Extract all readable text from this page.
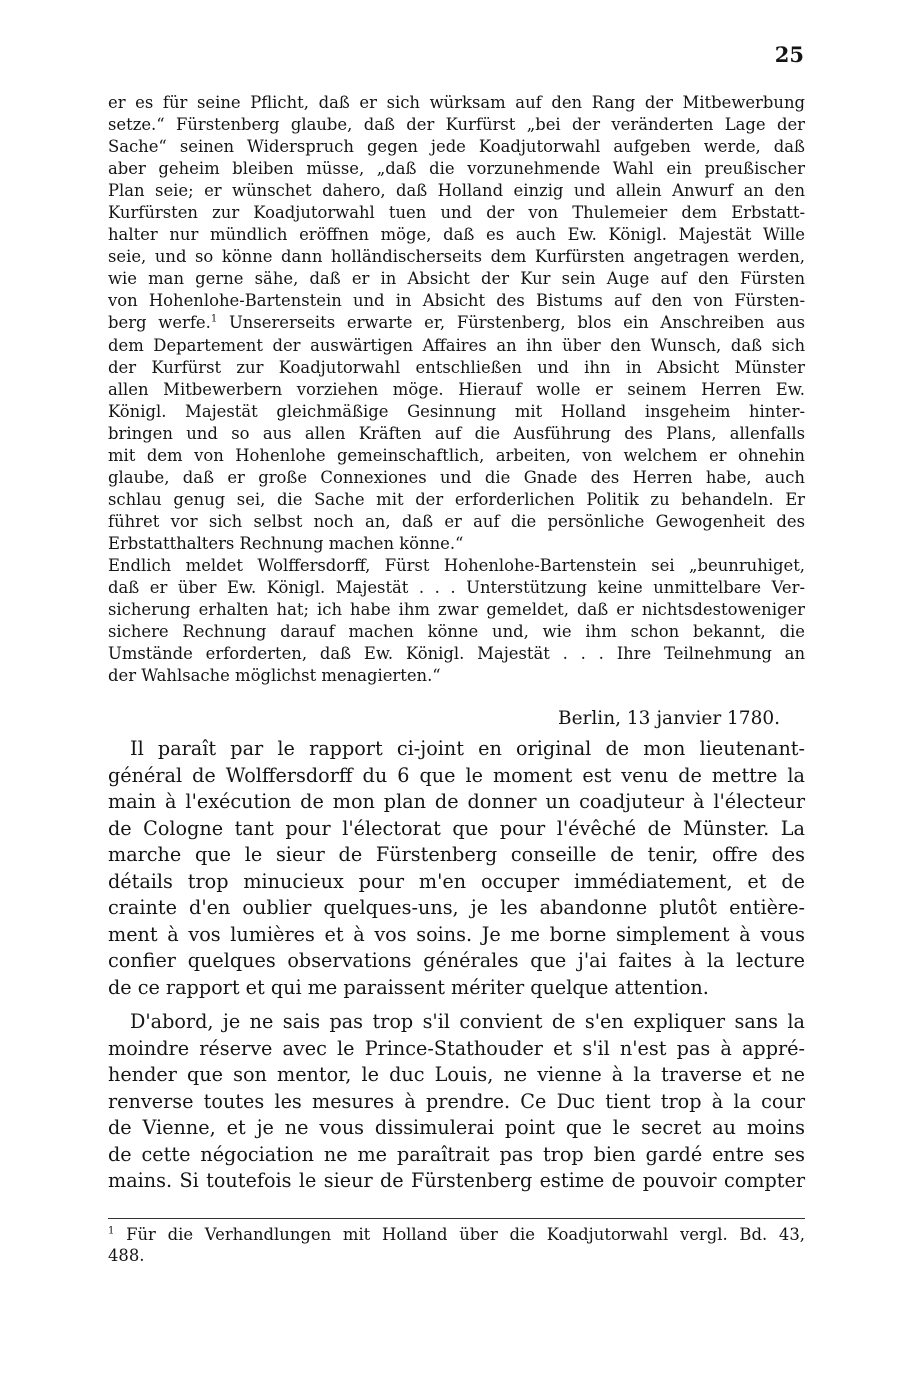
25
er es für seine Pflicht, daß er sich würksam auf den Rang der Mitbewerbung
setze.“ Fürstenberg glaube, daß der Kurfürst „bei der veränderten Lage der
Sache“ seinen Widerspruch gegen jede Koadjutorwahl aufgeben werde, daß
aber geheim bleiben müsse, „daß die vorzunehmende Wahl ein preußischer
Plan seie; er wünschet dahero, daß Holland einzig und allein Anwurf an den
Kurfürsten zur Koadjutorwahl tuen und der von Thulemeier dem Erbstatt-
halter nur mündlich eröffnen möge, daß es auch Ew. Königl. Majestät Wille
seie, und so könne dann holländischerseits dem Kurfürsten angetragen werden,
wie man gerne sähe, daß er in Absicht der Kur sein Auge auf den Fürsten
von Hohenlohe-Bartenstein und in Absicht des Bistums auf den von Fürsten-
berg werfe.$^1$ Unsererseits erwarte er, Fürstenberg, blos ein Anschreiben aus
dem Departement der auswärtigen Affaires an ihn über den Wunsch, daß sich
der Kurfürst zur Koadjutorwahl entschließen und ihn in Absicht Münster
allen Mitbewerbern vorziehen möge. Hierauf wolle er seinem Herren Ew.
Königl. Majestät gleichmäßige Gesinnung mit Holland insgeheim hinter-
bringen und so aus allen Kräften auf die Ausführung des Plans, allenfalls
mit dem von Hohenlohe gemeinschaftlich, arbeiten, von welchem er ohnehin
glaube, daß er große Connexiones und die Gnade des Herren habe, auch
schlau genug sei, die Sache mit der erforderlichen Politik zu behandeln. Er
führet vor sich selbst noch an, daß er auf die persönliche Gewogenheit des
Erbstatthalters Rechnung machen könne.“
Endlich meldet Wolffersdorff, Fürst Hohenlohe-Bartenstein sei „beunruhiget,
daß er über Ew. Königl. Majestät . . . Unterstützung keine unmittelbare Ver-
sicherung erhalten hat; ich habe ihm zwar gemeldet, daß er nichtsdestoweniger
sichere Rechnung darauf machen könne und, wie ihm schon bekannt, die
Umstände erforderten, daß Ew. Königl. Majestät . . . Ihre Teilnehmung an
der Wahlsache möglichst menagierten.“
Berlin, 13 janvier 1780.
Il paraît par le rapport ci-joint en original de mon lieutenant-
général de Wolffersdorff du 6 que le moment est venu de mettre la
main à l'exécution de mon plan de donner un coadjuteur à l'électeur
de Cologne tant pour l'électorat que pour l'évêché de Münster. La
marche que le sieur de Fürstenberg conseille de tenir, offre des
détails trop minucieux pour m'en occuper immédiatement, et de
crainte d'en oublier quelques-uns, je les abandonne plutôt entière-
ment à vos lumières et à vos soins. Je me borne simplement à vous
confier quelques observations générales que j'ai faites à la lecture
de ce rapport et qui me paraissent mériter quelque attention.
D'abord, je ne sais pas trop s'il convient de s'en expliquer sans la
moindre réserve avec le Prince-Stathouder et s'il n'est pas à appré-
hender que son mentor, le duc Louis, ne vienne à la traverse et ne
renverse toutes les mesures à prendre. Ce Duc tient trop à la cour
de Vienne, et je ne vous dissimulerai point que le secret au moins
de cette négociation ne me paraîtrait pas trop bien gardé entre ses
mains. Si toutefois le sieur de Fürstenberg estime de pouvoir compter
$^1$ Für die Verhandlungen mit Holland über die Koadjutorwahl vergl. Bd. 43,
488.
